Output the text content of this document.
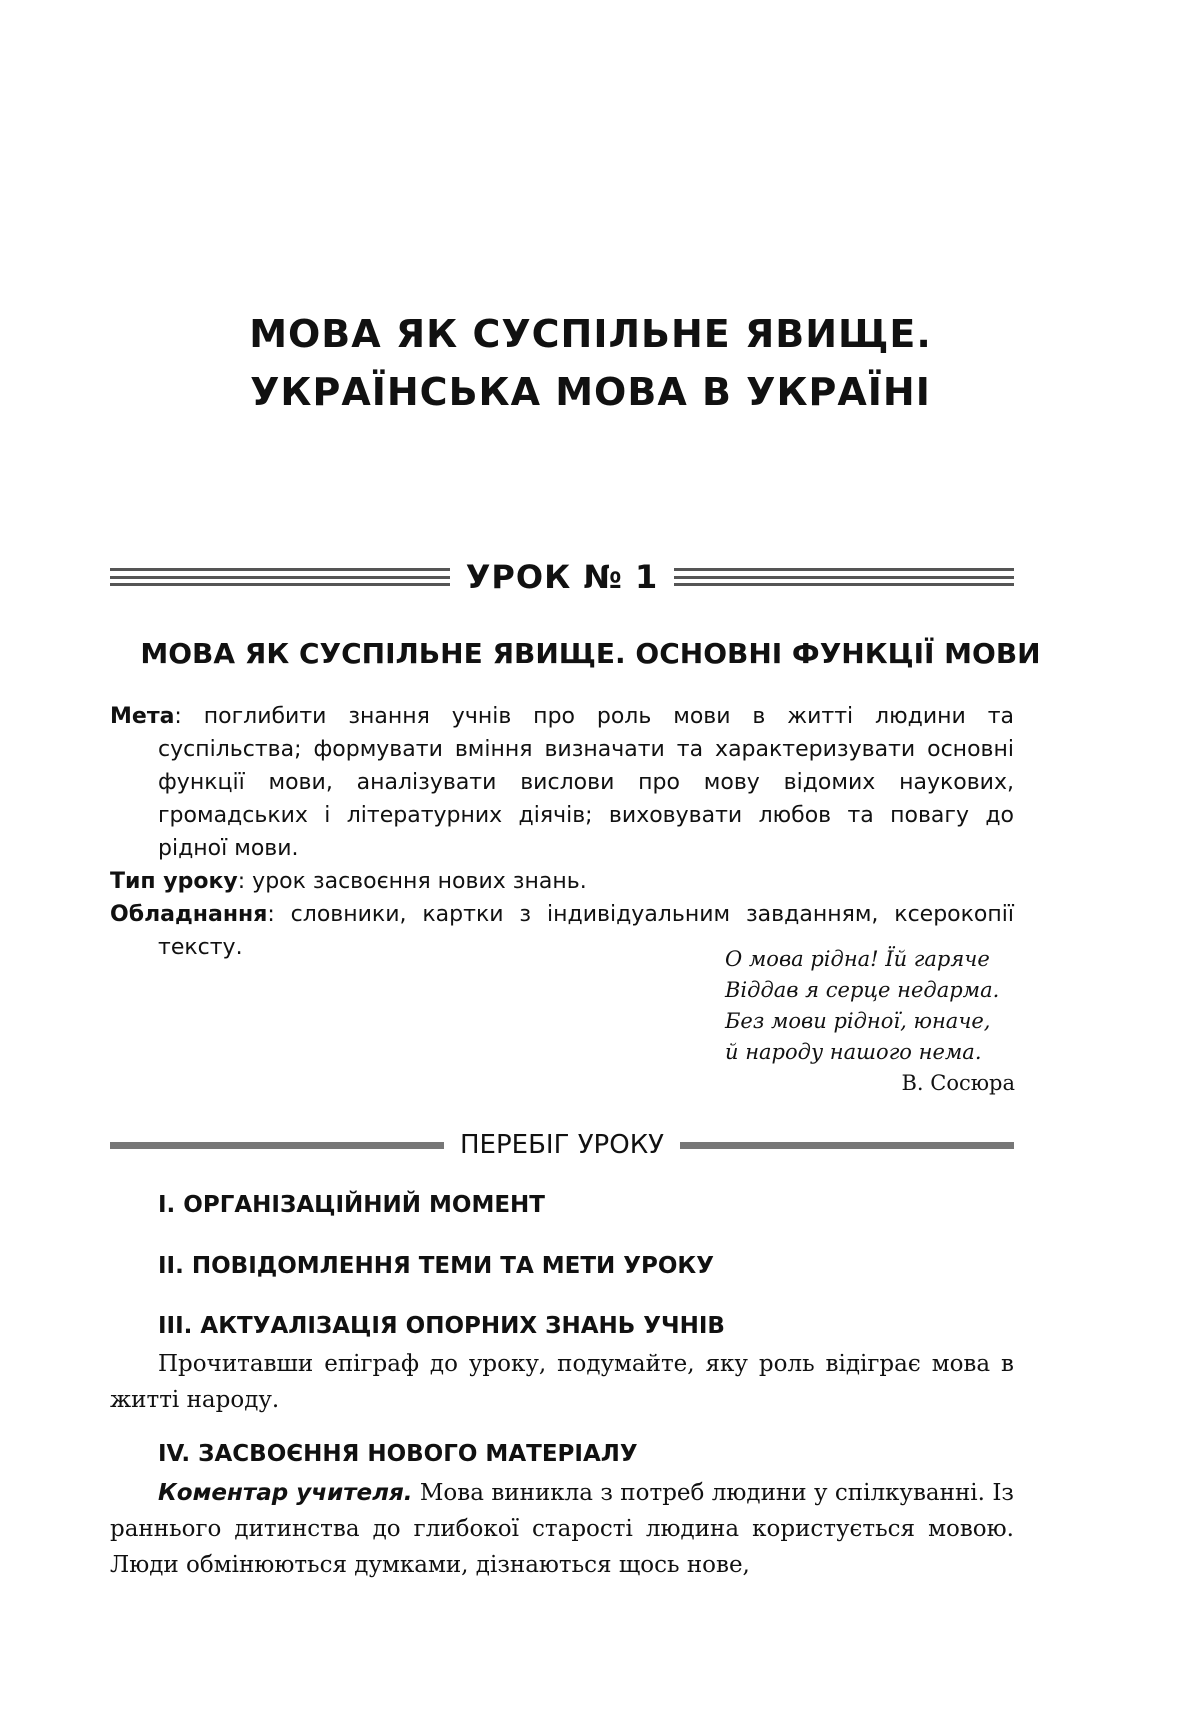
МОВА ЯК СУСПІЛЬНЕ ЯВИЩЕ.
УКРАЇНСЬКА МОВА В УКРАЇНІ
УРОК № 1
МОВА ЯК СУСПІЛЬНЕ ЯВИЩЕ. ОСНОВНІ ФУНКЦІЇ МОВИ

Мета: поглибити знання учнів про роль мови в житті людини та суспільства; формувати вміння визначати та характеризувати основні функції мови, аналізувати вислови про мову відомих наукових, громадських і літературних діячів; виховувати любов та повагу до рідної мови.

Тип уроку: урок засвоєння нових знань.

Обладнання: словники, картки з індивідуальним завданням, ксерокопії тексту.	О мова рідна! Їй гаряче
Віддав я серце недарма.
Без мови рідної, юначе,
й народу нашого нема.
В. Сосюра
ПЕРЕБІГ УРОКУ
I. ОРГАНІЗАЦІЙНИЙ МОМЕНТ
II. ПОВІДОМЛЕННЯ ТЕМИ ТА МЕТИ УРОКУ
III. АКТУАЛІЗАЦІЯ ОПОРНИХ ЗНАНЬ УЧНІВ

Прочитавши епіграф до уроку, подумайте, яку роль відіграє мова в житті народу.

IV. ЗАСВОЄННЯ НОВОГО МАТЕРІАЛУ

Коментар учителя. Мова виникла з потреб людини у спілкуванні. Із раннього дитинства до глибокої старості людина користується мовою. Люди обмінюються думками, дізнаються щось нове,
